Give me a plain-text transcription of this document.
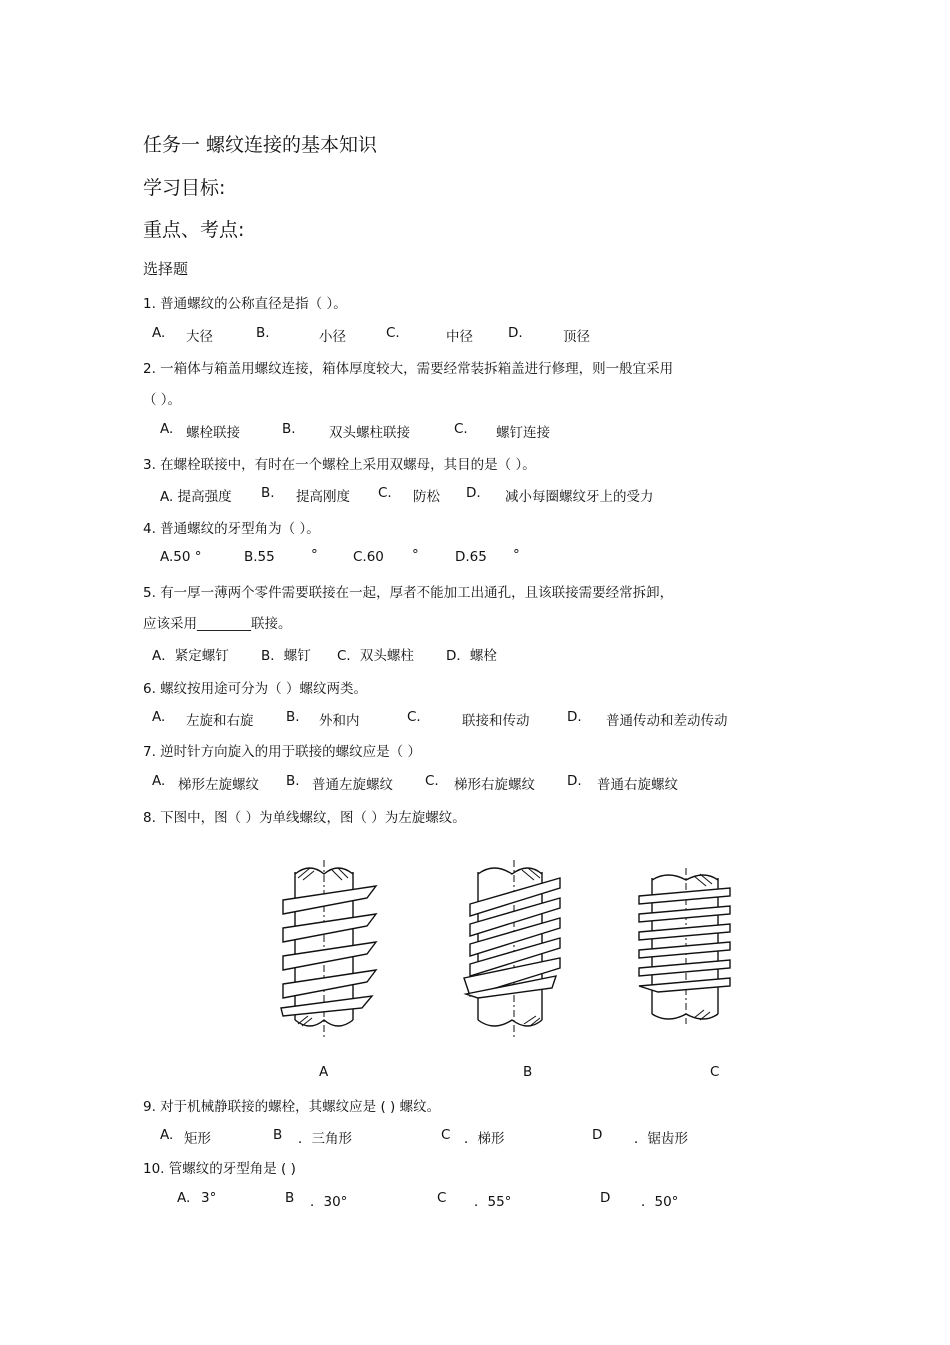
任务一 螺纹连接的基本知识
学习目标:
重点、考点:
选择题
1. 普通螺纹的公称直径是指（ ）。
A. 大径	B.	小径	C.	中径	D.	顶径
2. 一箱体与箱盖用螺纹连接，箱体厚度较大，需要经常装拆箱盖进行修理，则一般宜采用
（ ）。
A. 螺栓联接	B. 双头螺柱联接	C. 螺钉连接
3. 在螺栓联接中，有时在一个螺栓上采用双螺母，其目的是（ ）。
A. 提高强度 B. 提高刚度 C. 防松 D. 减小每圈螺纹牙上的受力
4. 普通螺纹的牙型角为（ ）。
A.50 °	B.55	°	C.60 °	D.65 °
5. 有一厚一薄两个零件需要联接在一起，厚者不能加工出通孔，且该联接需要经常拆卸，
应该采用________联接。
A．紧定螺钉 B．螺钉 C．双头螺柱 D．螺栓
6. 螺纹按用途可分为（ ）螺纹两类。
A. 左旋和右旋 B. 外和内	C.	联接和传动	D. 普通传动和差动传动
7. 逆时针方向旋入的用于联接的螺纹应是（ ）
A. 梯形左旋螺纹 B. 普通左旋螺纹 C. 梯形右旋螺纹 D. 普通右旋螺纹
8. 下图中，图（ ）为单线螺纹，图（ ）为左旋螺纹。
A	B	C
9. 对于机械静联接的螺栓，其螺纹应是 ( ) 螺纹。
A. 矩形	B ．三角形	C ．梯形	D ．锯齿形
10. 管螺纹的牙型角是 ( )
A. 3°	B ．30°	C ．55°	D ．50°
